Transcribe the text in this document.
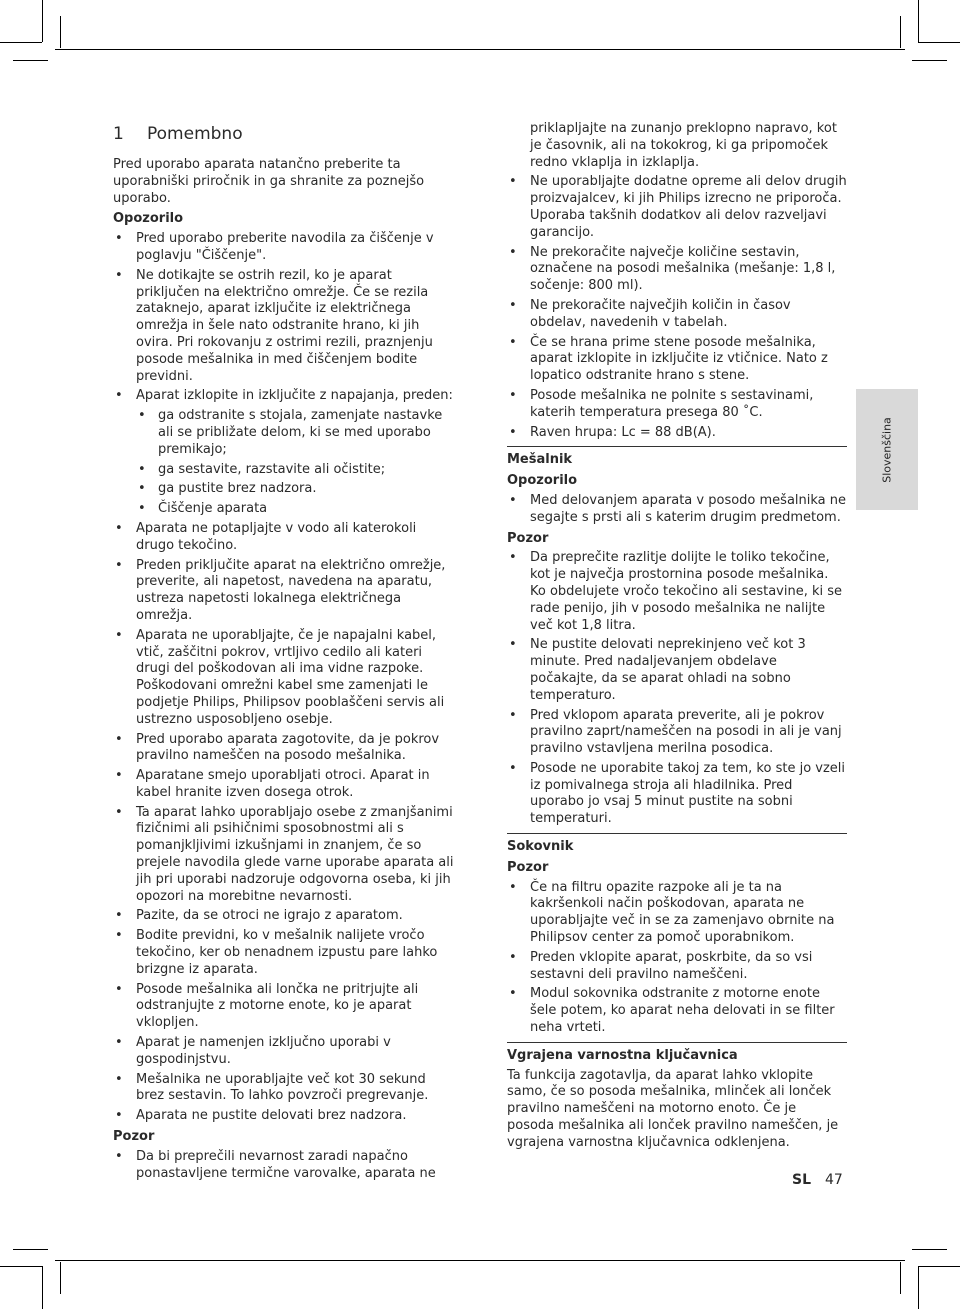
1 Pomembno

Pred uporabo aparata natančno preberite ta uporabniški priročnik in ga shranite za poznejšo uporabo.

Opozorilo
• Pred uporabo preberite navodila za čiščenje v poglavju "Čiščenje".
• Ne dotikajte se ostrih rezil, ko je aparat priključen na električno omrežje. Če se rezila zataknejo, aparat izključite iz električnega omrežja in šele nato odstranite hrano, ki jih ovira. Pri rokovanju z ostrimi rezili, praznjenju posode mešalnika in med čiščenjem bodite previdni.
• Aparat izklopite in izključite z napajanja, preden:
• ga odstranite s stojala, zamenjate nastavke ali se približate delom, ki se med uporabo premikajo;
• ga sestavite, razstavite ali očistite;
• ga pustite brez nadzora.
• Čiščenje aparata
• Aparata ne potapljajte v vodo ali katerokoli drugo tekočino.
• Preden priključite aparat na električno omrežje, preverite, ali napetost, navedena na aparatu, ustreza napetosti lokalnega električnega omrežja.
• Aparata ne uporabljajte, če je napajalni kabel, vtič, zaščitni pokrov, vrtljivo cedilo ali kateri drugi del poškodovan ali ima vidne razpoke. Poškodovani omrežni kabel sme zamenjati le podjetje Philips, Philipsov pooblaščeni servis ali ustrezno usposobljeno osebje.
• Pred uporabo aparata zagotovite, da je pokrov pravilno nameščen na posodo mešalnika.
• Aparatane smejo uporabljati otroci. Aparat in kabel hranite izven dosega otrok.
• Ta aparat lahko uporabljajo osebe z zmanjšanimi fizičnimi ali psihičnimi sposobnostmi ali s pomanjkljivimi izkušnjami in znanjem, če so prejele navodila glede varne uporabe aparata ali jih pri uporabi nadzoruje odgovorna oseba, ki jih opozori na morebitne nevarnosti.
• Pazite, da se otroci ne igrajo z aparatom.
• Bodite previdni, ko v mešalnik nalijete vročo tekočino, ker ob nenadnem izpustu pare lahko brizgne iz aparata.
• Posode mešalnika ali lončka ne pritrjujte ali odstranjujte z motorne enote, ko je aparat vklopljen.
• Aparat je namenjen izključno uporabi v gospodinjstvu.
• Mešalnika ne uporabljajte več kot 30 sekund brez sestavin. To lahko povzroči pregrevanje.
• Aparata ne pustite delovati brez nadzora.
Pozor
• Da bi preprečili nevarnost zaradi napačno ponastavljene termične varovalke, aparata ne
priklapljajte na zunanjo preklopno napravo, kot je časovnik, ali na tokokrog, ki ga pripomoček redno vklaplja in izklaplja.
• Ne uporabljajte dodatne opreme ali delov drugih proizvajalcev, ki jih Philips izrecno ne priporoča. Uporaba takšnih dodatkov ali delov razveljavi garancijo.
• Ne prekoračite največje količine sestavin, označene na posodi mešalnika (mešanje: 1,8 l, sočenje: 800 ml).
• Ne prekoračite največjih količin in časov obdelav, navedenih v tabelah.
• Če se hrana prime stene posode mešalnika, aparat izklopite in izključite iz vtičnice. Nato z lopatico odstranite hrano s stene.
• Posode mešalnika ne polnite s sestavinami, katerih temperatura presega 80 ˚C.
• Raven hrupa: Lc = 88 dB(A).
Mešalnik
Opozorilo
• Med delovanjem aparata v posodo mešalnika ne segajte s prsti ali s katerim drugim predmetom.
Pozor
• Da preprečite razlitje dolijte le toliko tekočine, kot je največja prostornina posode mešalnika. Ko obdelujete vročo tekočino ali sestavine, ki se rade penijo, jih v posodo mešalnika ne nalijte več kot 1,8 litra.
• Ne pustite delovati neprekinjeno več kot 3 minute. Pred nadaljevanjem obdelave počakajte, da se aparat ohladi na sobno temperaturo.
• Pred vklopom aparata preverite, ali je pokrov pravilno zaprt/nameščen na posodi in ali je vanj pravilno vstavljena merilna posodica.
• Posode ne uporabite takoj za tem, ko ste jo vzeli iz pomivalnega stroja ali hladilnika. Pred uporabo jo vsaj 5 minut pustite na sobni temperaturi.
Sokovnik
Pozor
• Če na filtru opazite razpoke ali je ta na kakršenkoli način poškodovan, aparata ne uporabljajte več in se za zamenjavo obrnite na Philipsov center za pomoč uporabnikom.
• Preden vklopite aparat, poskrbite, da so vsi sestavni deli pravilno nameščeni.
• Modul sokovnika odstranite z motorne enote šele potem, ko aparat neha delovati in se filter neha vrteti.
Vgrajena varnostna ključavnica

Ta funkcija zagotavlja, da aparat lahko vklopite samo, če so posoda mešalnika, mlinček ali lonček pravilno nameščeni na motorno enoto. Če je posoda mešalnika ali lonček pravilno nameščen, je vgrajena varnostna ključavnica odklenjena.

Slovenščina
SL 47
